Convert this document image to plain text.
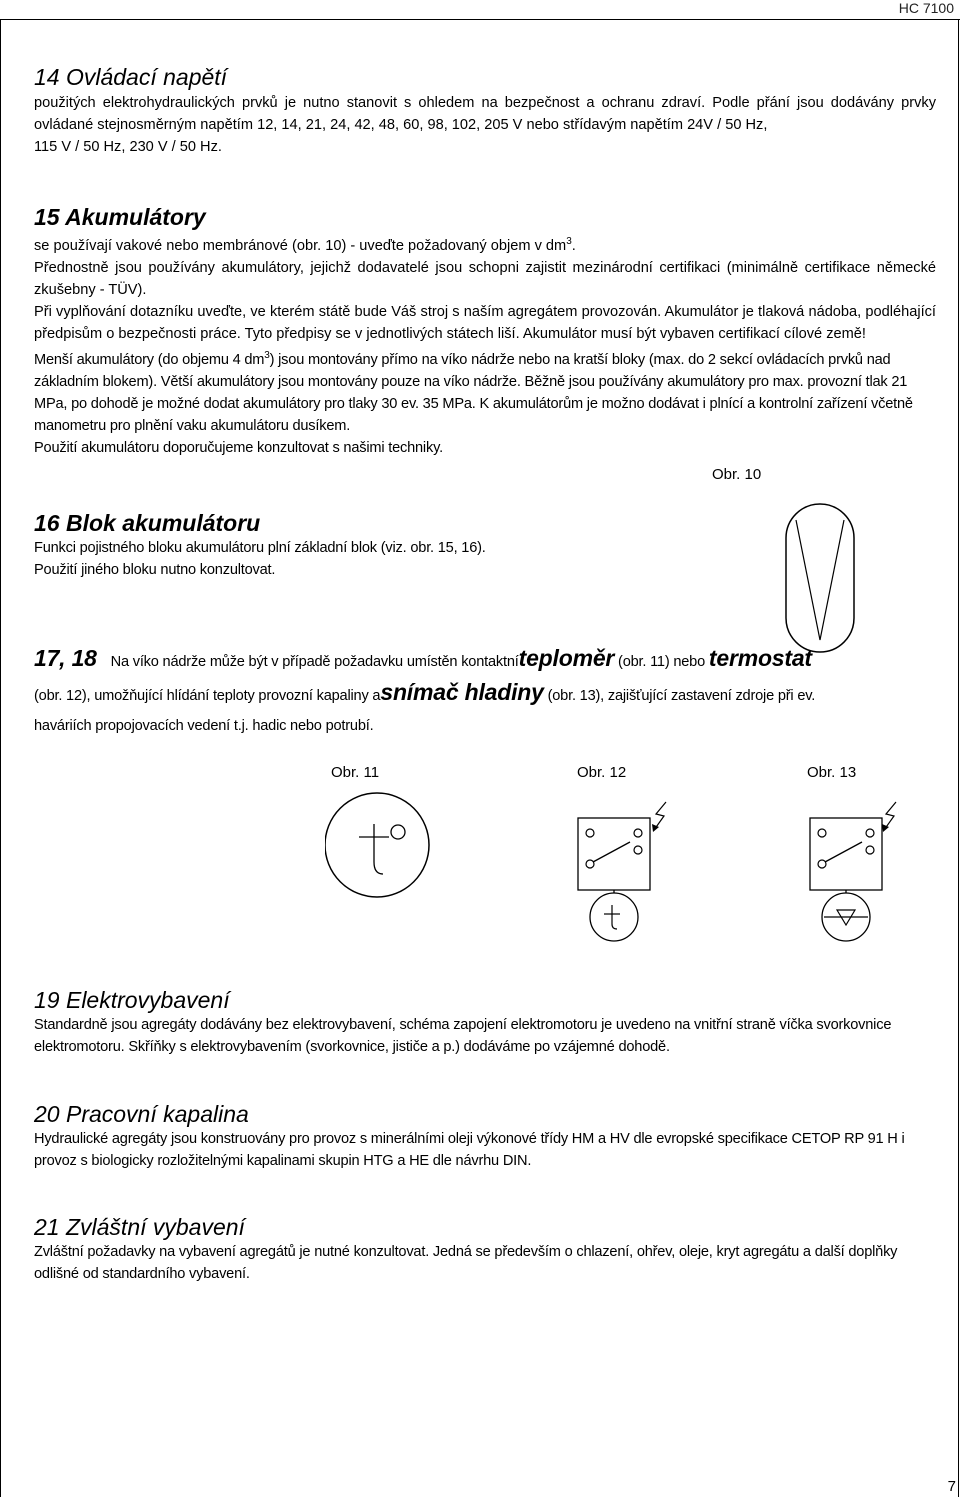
HC 7100
14 Ovládací napětí

použitých elektrohydraulických prvků je nutno stanovit s ohledem na bezpečnost a ochranu zdraví. Podle přání jsou dodávány prvky ovládané stejnosměrným napětím 12, 14, 21, 24, 42, 48, 60, 98, 102, 205 V nebo střídavým napětím 24V / 50 Hz,

115 V / 50 Hz, 230 V / 50 Hz.

15 Akumulátory

se používají vakové nebo membránové (obr. 10) - uveďte požadovaný objem v $dm^3$.

Přednostně jsou používány akumulátory, jejichž dodavatelé jsou schopni zajistit mezinárodní certifikaci (minimálně certifikace německé zkušebny - TÜV).

Při vyplňování dotazníku uveďte, ve kterém státě bude Váš stroj s naším agregátem provozován. Akumulátor je tlaková nádoba, podléhající předpisům o bezpečnosti práce. Tyto předpisy se v jednotlivých státech liší. Akumulátor musí být vybaven certifikací cílové země!

Menší akumulátory (do objemu 4 $dm^3$) jsou montovány přímo na víko nádrže nebo na kratší bloky (max. do 2 sekcí ovládacích prvků nad základním blokem). Větší akumulátory jsou montovány pouze na víko nádrže. Běžně jsou používány akumulátory pro max. provozní tlak 21 MPa, po dohodě je možné dodat akumulátory pro tlaky 30 ev. 35 MPa. K akumulátorům je možno dodávat i plnící a kontrolní zařízení včetně manometru pro plnění vaku akumulátoru dusíkem.

Použití akumulátoru doporučujeme konzultovat s našimi techniky.

Obr. 10
16 Blok akumulátoru

Funkci pojistného bloku akumulátoru plní základní blok (viz. obr. 15, 16).

Použití jiného bloku nutno konzultovat.

17, 18 Na víko nádrže může být v případě požadavku umístěn kontaktníteploměr (obr. 11) nebo termostat
(obr. 12), umožňující hlídání teploty provozní kapaliny asnímač hladiny (obr. 13), zajišťující zastavení zdroje při ev.
haváriích propojovacích vedení t.j. hadic nebo potrubí.
Obr. 11	Obr. 12	Obr. 13
19 Elektrovybavení

Standardně jsou agregáty dodávány bez elektrovybavení, schéma zapojení elektromotoru je uvedeno na vnitřní straně víčka svorkovnice elektromotoru. Skříňky s elektrovybavením (svorkovnice, jističe a p.) dodáváme po vzájemné dohodě.

20 Pracovní kapalina

Hydraulické agregáty jsou konstruovány pro provoz s minerálními oleji výkonové třídy HM a HV dle evropské specifikace CETOP RP 91 H i provoz s biologicky rozložitelnými kapalinami skupin HTG a HE dle návrhu DIN.

21 Zvláštní vybavení

Zvláštní požadavky na vybavení agregátů je nutné konzultovat. Jedná se především o chlazení, ohřev, oleje, kryt agregátu a další doplňky odlišné od standardního vybavení.

7
